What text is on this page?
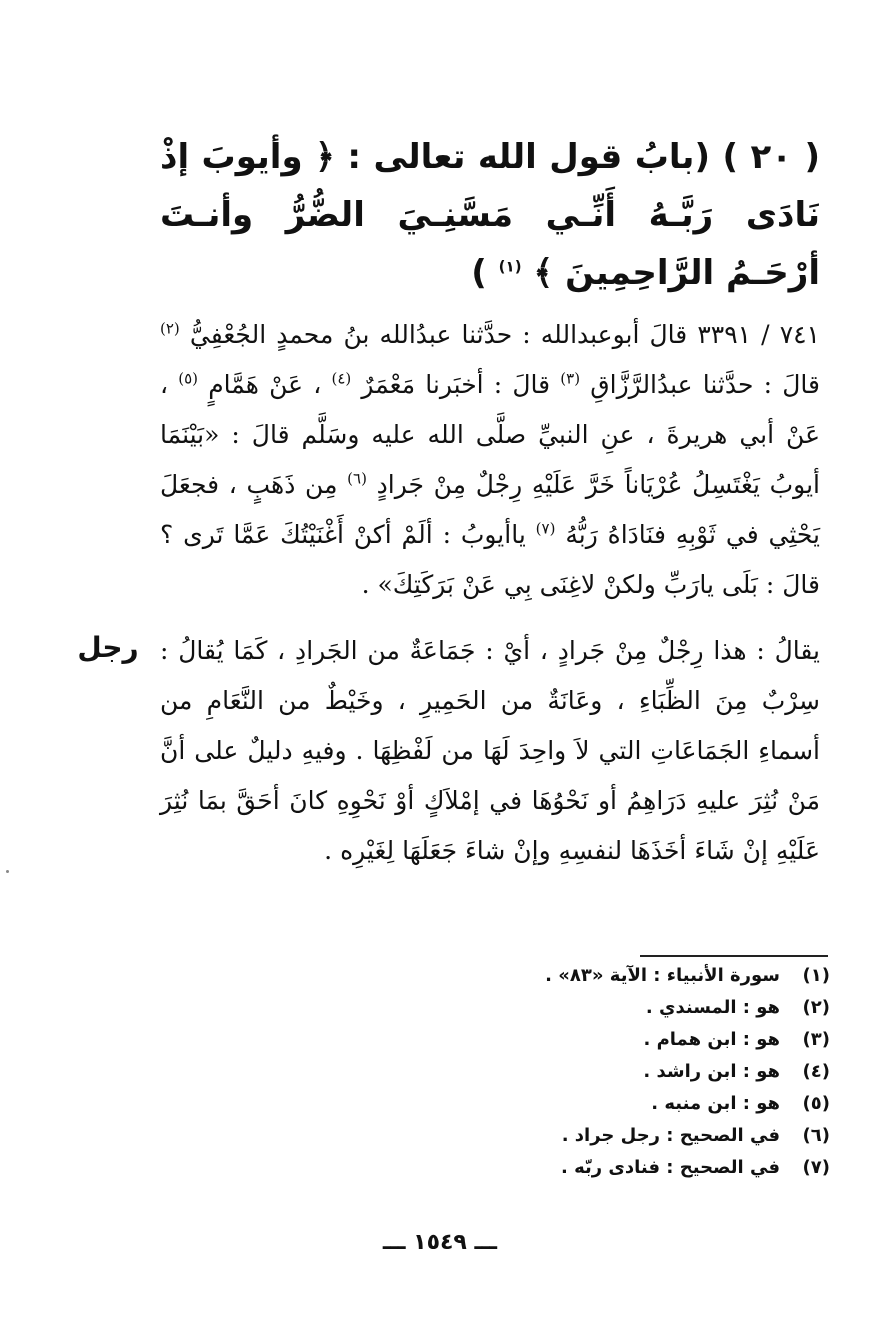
( ٢٠ ) (بابُ قول الله تعالى : ﴿ وأيوبَ إذْ نَادَى رَبَّـهُ أَنِّـي مَسَّنِـيَ الضُّرُّ وأنـتَ أرْحَـمُ الرَّاحِمِينَ ﴾ $^{(١)}$ )
٧٤١ / ٣٣٩١ قالَ أبوعبدالله : حدَّثنا عبدُالله بنُ محمدٍ الجُعْفِيُّ $^{(٢)}$ قالَ : حدَّثنا عبدُالرَّزَّاقِ $^{(٣)}$ قالَ : أخبَرنا مَعْمَرٌ $^{(٤)}$ ، عَنْ هَمَّامٍ $^{(٥)}$ ، عَنْ أبي هريرةَ ، عنِ النبيِّ صلَّى الله عليه وسَلَّم قالَ : «بَيْنَمَا أيوبُ يَغْتَسِلُ عُرْيَاناً خَرَّ عَلَيْهِ رِجْلٌ مِنْ جَرادٍ $^{(٦)}$ مِن ذَهَبٍ ، فجعَلَ يَحْثِي في ثَوْبِهِ فنَادَاهُ رَبُّهُ $^{(٧)}$ ياأيوبُ : ألَمْ أكنْ أَغْنَيْتُكَ عَمَّا تَرى ؟ قالَ : بَلَى يارَبِّ ولكنْ لاغِنَى بِي عَنْ بَرَكَتِكَ» .
رجل يقالُ : هذا رِجْلٌ مِنْ جَرادٍ ، أيْ : جَمَاعَةٌ من الجَرادِ ، كَمَا يُقالُ : سِرْبٌ مِنَ الظِّبَاءِ ، وعَانَةٌ من الحَمِيرِ ، وخَيْطٌ من النَّعَامِ من أسماءِ الجَمَاعَاتِ التي لاَ واحِدَ لَهَا من لَفْظِهَا . وفيهِ دليلٌ على أنَّ مَنْ نُثِرَ عليهِ دَرَاهِمُ أو نَحْوُهَا في إمْلاَكٍ أوْ نَحْوِهِ كانَ أحَقَّ بمَا نُثِرَ عَلَيْهِ إنْ شَاءَ أخَذَهَا لنفسِهِ وإنْ شاءَ جَعَلَهَا لِغَيْرِه .
(١)سورة الأنبياء : الآية «٨٣» .
(٢)هو : المسندي .
(٣)هو : ابن همام .
(٤)هو : ابن راشد .
(٥)هو : ابن منبه .
(٦)في الصحيح : رجل جراد .
(٧)في الصحيح : فنادى ربّه .
ـــ ١٥٤٩ ـــ
